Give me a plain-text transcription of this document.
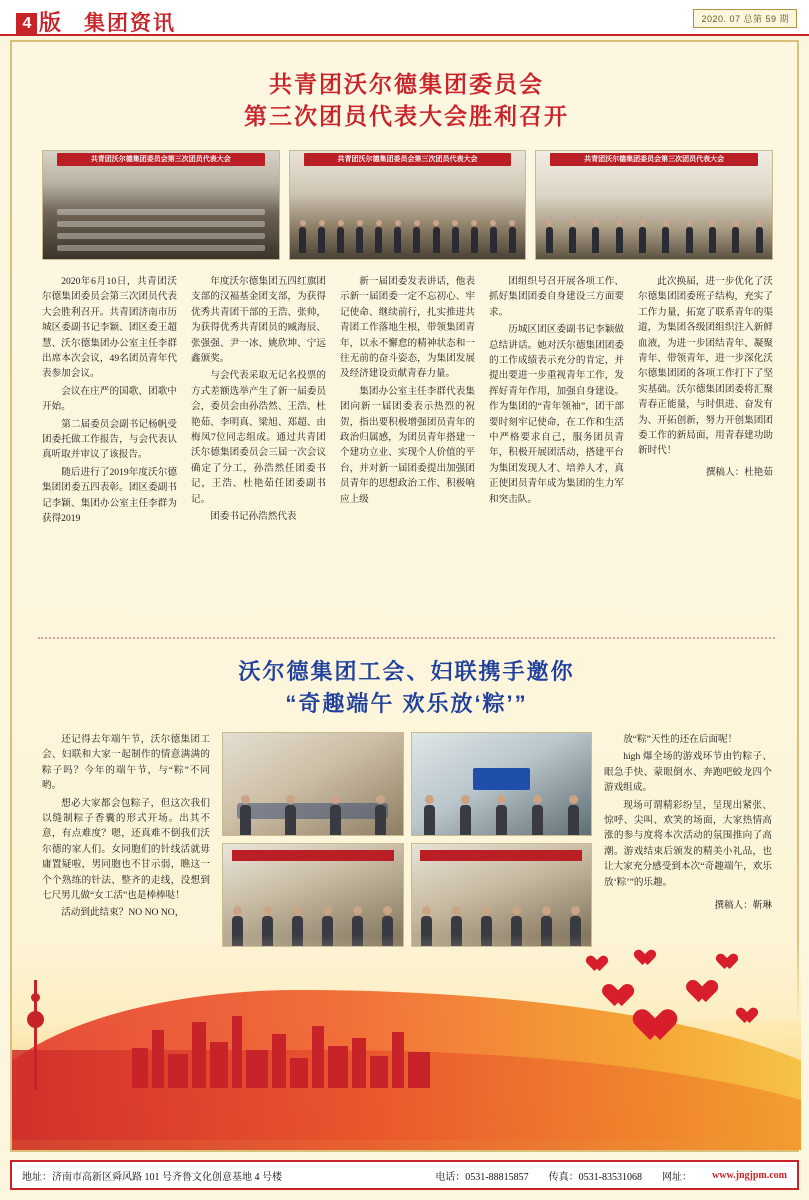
4 版 集团资讯	2020. 07 总第 59 期
共青团沃尔德集团委员会
第三次团员代表大会胜利召开
共青团沃尔德集团委员会第三次团员代表大会	共青团沃尔德集团委员会第三次团员代表大会	共青团沃尔德集团委员会第三次团员代表大会

2020年6月10日，共青团沃尔德集团委员会第三次团员代表大会胜利召开。共青团济南市历城区委副书记李颖、团区委王超慧、沃尔德集团办公室主任李群出席本次会议，49名团员青年代表参加会议。

会议在庄严的国歌、团歌中开始。

第二届委员会副书记杨帆受团委托做工作报告，与会代表认真听取并审议了该报告。

随后进行了2019年度沃尔德集团团委五四表彰。团区委副书记李颖、集团办公室主任李群为获得2019

年度沃尔德集团五四红旗团支部的汉褔基金团支部，为获得优秀共青团干部的王浩、张帅，为获得优秀共青团员的臧海辰、张强强、尹一冰、姚欣坤、宁远鑫颁奖。

与会代表采取无记名投票的方式差额选举产生了新一届委员会，委员会由孙浩然、王浩、杜艳茹、李明真、梁旭、郑超、由梅凤7位同志组成。通过共青团沃尔德集团委员会三届一次会议确定了分工，孙浩然任团委书记，王浩、杜艳茹任团委副书记。

团委书记孙浩然代表

新一届团委发表讲话，他表示新一届团委一定不忘初心、牢记使命、继续前行，扎实推进共青团工作落地生根，带领集团青年，以永不懈怠的精神状态和一往无前的奋斗姿态，为集团发展及经济建设贡献青春力量。

集团办公室主任李群代表集团向新一届团委表示热烈的祝贺，指出要积极增强团员青年的政治归属感，为团员青年搭建一个建功立业、实现个人价值的平台，并对新一届团委提出加强团员青年的思想政治工作、积极响应上级

团组织号召开展各项工作、抓好集团团委自身建设三方面要求。

历城区团区委副书记李颖做总结讲话。她对沃尔德集团团委的工作成绩表示充分的肯定，并提出要进一步重视青年工作，发挥好青年作用，加强自身建设。作为集团的“青年领袖”，团干部要时刻牢记使命，在工作和生活中严格要求自己，服务团员青年，积极开展团活动，搭建平台为集团发现人才、培养人才，真正使团员青年成为集团的生力军和突击队。

此次换届，进一步优化了沃尔德集团团委班子结构，充实了工作力量，拓宽了联系青年的渠道，为集团各级团组织注入新鲜血液，为进一步团结青年、凝聚青年、带领青年，进一步深化沃尔德集团团的各项工作打下了坚实基础。沃尔德集团团委将汇聚青春正能量，与时俱进、奋发有为、开拓创新，努力开创集团团委工作的新局面，用青春建功助新时代！

撰稿人：杜艳茹

沃尔德集团工会、妇联携手邀你
“奇趣端午 欢乐放‘粽’”

还记得去年端午节，沃尔德集团工会、妇联和大家一起制作的情意满满的粽子吗？今年的端午节，与“粽”不同哟。

想必大家都会包粽子，但这次我们以缝制粽子香囊的形式开场。出其不意，有点难度？嗯，还真难不倒我们沃尔德的家人们。女同胞们的针线活就毋庸置疑啦，男同胞也不甘示弱，瞧这一个个熟练的针法、整齐的走线，没想到七尺男儿做“女工活”也是棒棒哒！

活动到此结束？NO NO NO，

放“粽”天性的还在后面呢！

high 爆全场的游戏环节由钓粽子、眼急手快、蒙眼倒水、奔跑吧蛟龙四个游戏组成。

现场可谓精彩纷呈，呈现出紧张、惊呼、尖叫、欢笑的场面，大家热情高涨的参与度将本次活动的氛围推向了高潮。游戏结束后颁发的精美小礼品，也让大家充分感受到本次“奇趣端午，欢乐放‘粽’”的乐趣。

撰稿人：靳琳

地址：济南市高新区舜风路 101 号齐鲁文化创意基地 4 号楼	电话：0531-88815857	传真：0531-83531068	网址：	www.jngjpm.com
